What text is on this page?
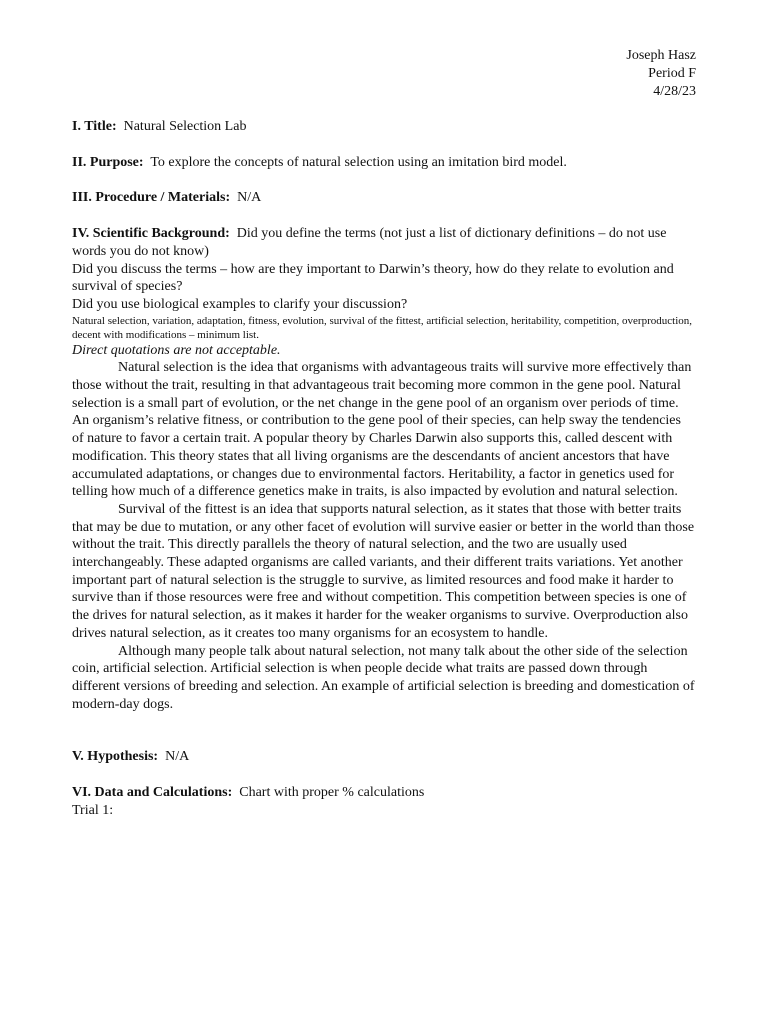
Joseph Hasz
Period F
4/28/23

I. Title: Natural Selection Lab

II. Purpose: To explore the concepts of natural selection using an imitation bird model.

III. Procedure / Materials: N/A

IV. Scientific Background: Did you define the terms (not just a list of dictionary definitions – do not use words you do not know)

Did you discuss the terms – how are they important to Darwin’s theory, how do they relate to evolution and survival of species?

Did you use biological examples to clarify your discussion?

Natural selection, variation, adaptation, fitness, evolution, survival of the fittest, artificial selection, heritability, competition, overproduction, decent with modifications – minimum list.

Direct quotations are not acceptable.

Natural selection is the idea that organisms with advantageous traits will survive more effectively than those without the trait, resulting in that advantageous trait becoming more common in the gene pool. Natural selection is a small part of evolution, or the net change in the gene pool of an organism over periods of time. An organism’s relative fitness, or contribution to the gene pool of their species, can help sway the tendencies of nature to favor a certain trait. A popular theory by Charles Darwin also supports this, called descent with modification. This theory states that all living organisms are the descendants of ancient ancestors that have accumulated adaptations, or changes due to environmental factors. Heritability, a factor in genetics used for telling how much of a difference genetics make in traits, is also impacted by evolution and natural selection.

Survival of the fittest is an idea that supports natural selection, as it states that those with better traits that may be due to mutation, or any other facet of evolution will survive easier or better in the world than those without the trait. This directly parallels the theory of natural selection, and the two are usually used interchangeably. These adapted organisms are called variants, and their different traits variations. Yet another important part of natural selection is the struggle to survive, as limited resources and food make it harder to survive than if those resources were free and without competition. This competition between species is one of the drives for natural selection, as it makes it harder for the weaker organisms to survive. Overproduction also drives natural selection, as it creates too many organisms for an ecosystem to handle.

Although many people talk about natural selection, not many talk about the other side of the selection coin, artificial selection. Artificial selection is when people decide what traits are passed down through different versions of breeding and selection. An example of artificial selection is breeding and domestication of modern-day dogs.

V. Hypothesis: N/A

VI. Data and Calculations: Chart with proper % calculations

Trial 1:
